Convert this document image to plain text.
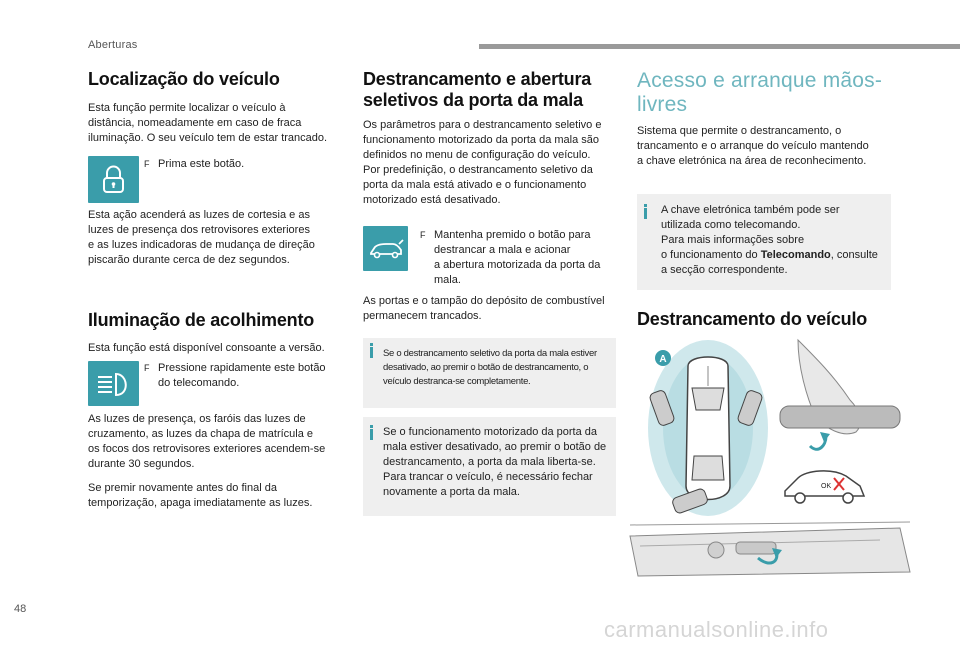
Aberturas
Localização do veículo
Esta função permite localizar o veículo à
distância, nomeadamente em caso de fraca
iluminação. O seu veículo tem de estar trancado.
F Prima este botão.
Esta ação acenderá as luzes de cortesia e as
luzes de presença dos retrovisores exteriores
e as luzes indicadoras de mudança de direção
piscarão durante cerca de dez segundos.
Iluminação de acolhimento
Esta função está disponível consoante a versão.
F Pressione rapidamente este botão
do telecomando.
As luzes de presença, os faróis das luzes de
cruzamento, as luzes da chapa de matrícula e
os focos dos retrovisores exteriores acendem-se
durante 30 segundos.
Se premir novamente antes do final da
temporização, apaga imediatamente as luzes.
Destrancamento e abertura
seletivos da porta da mala
Os parâmetros para o destrancamento seletivo e
funcionamento motorizado da porta da mala são
definidos no menu de configuração do veículo.
Por predefinição, o destrancamento seletivo da
porta da mala está ativado e o funcionamento
motorizado está desativado.
F Mantenha premido o botão para
destrancar a mala e acionar
a abertura motorizada da porta da
mala.
As portas e o tampão do depósito de combustível
permanecem trancados.
Se o destrancamento seletivo da porta da mala estiver
desativado, ao premir o botão de destrancamento, o
veículo destranca-se completamente.
Se o funcionamento motorizado da porta da
mala estiver desativado, ao premir o botão de
destrancamento, a porta da mala liberta-se.
Para trancar o veículo, é necessário fechar
novamente a porta da mala.
Acesso e arranque mãos-
livres
Sistema que permite o destrancamento, o
trancamento e o arranque do veículo mantendo
a chave eletrónica na área de reconhecimento.
A chave eletrónica também pode ser
utilizada como telecomando.
Para mais informações sobre
o funcionamento do Telecomando, consulte
a secção correspondente.
Destrancamento do veículo
A
OK
48
carmanualsonline.info
